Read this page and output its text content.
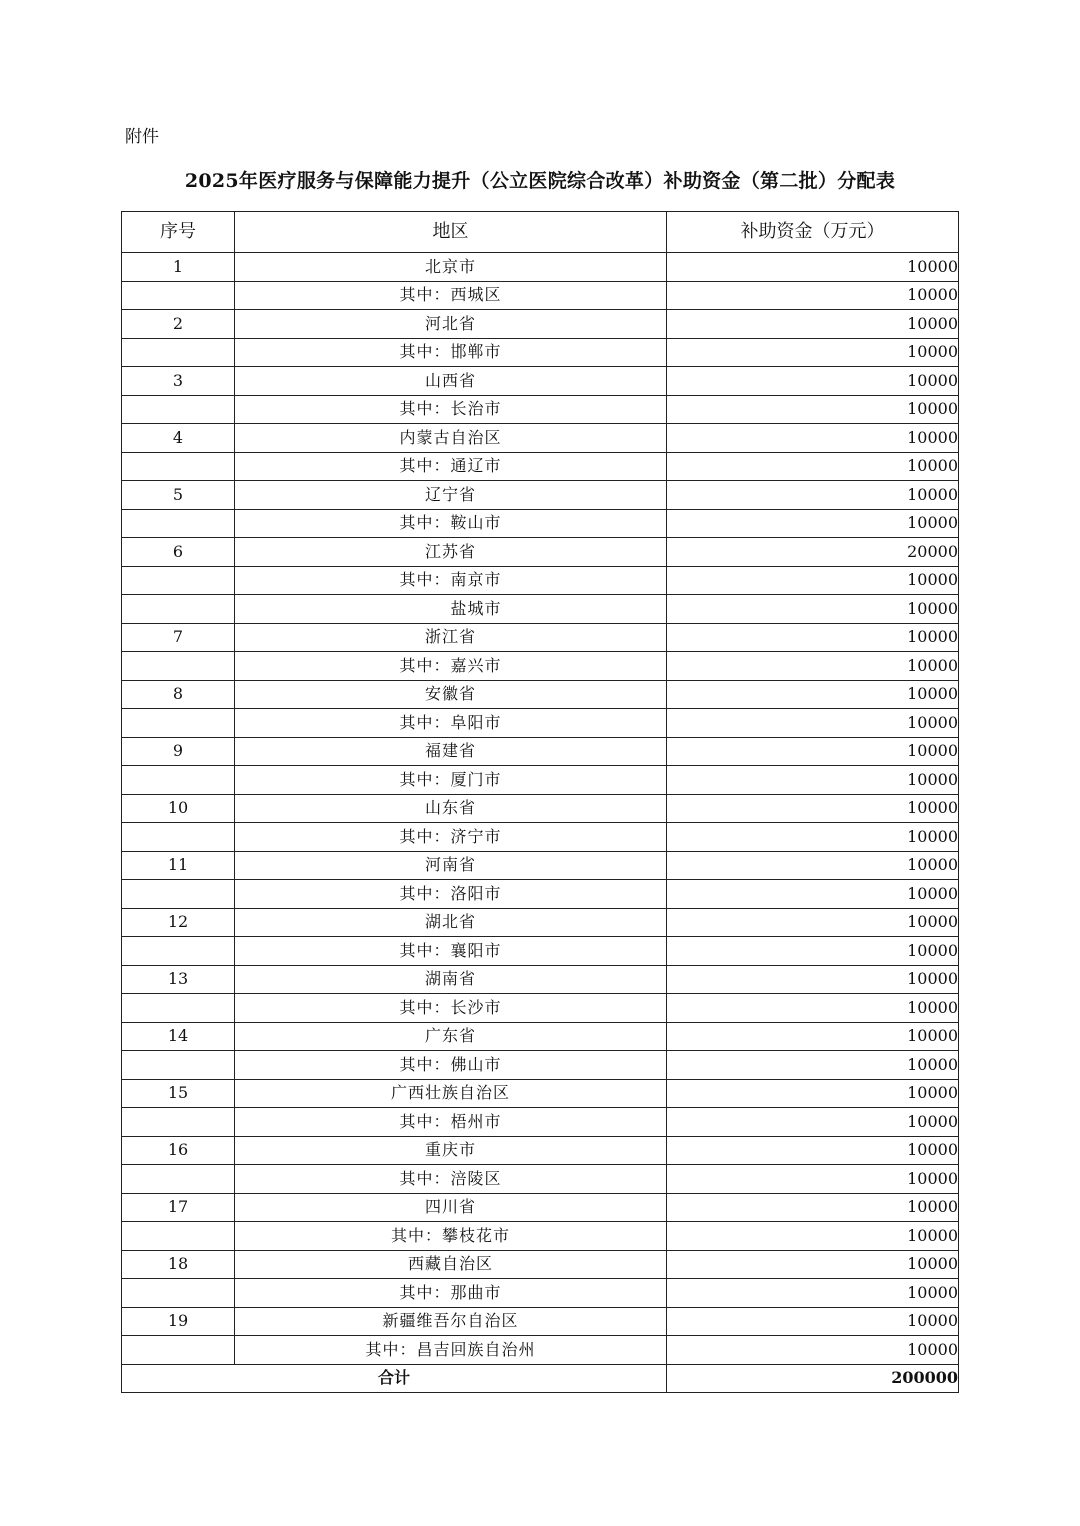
附件
2025年医疗服务与保障能力提升（公立医院综合改革）补助资金（第二批）分配表
序号	地区	补助资金（万元）
1	北京市	10000
	其中：西城区	10000
2	河北省	10000
	其中：邯郸市	10000
3	山西省	10000
	其中：长治市	10000
4	内蒙古自治区	10000
	其中：通辽市	10000
5	辽宁省	10000
	其中：鞍山市	10000
6	江苏省	20000
	其中：南京市	10000
	　　　盐城市	10000
7	浙江省	10000
	其中：嘉兴市	10000
8	安徽省	10000
	其中：阜阳市	10000
9	福建省	10000
	其中：厦门市	10000
10	山东省	10000
	其中：济宁市	10000
11	河南省	10000
	其中：洛阳市	10000
12	湖北省	10000
	其中：襄阳市	10000
13	湖南省	10000
	其中：长沙市	10000
14	广东省	10000
	其中：佛山市	10000
15	广西壮族自治区	10000
	其中：梧州市	10000
16	重庆市	10000
	其中：涪陵区	10000
17	四川省	10000
	其中：攀枝花市	10000
18	西藏自治区	10000
	其中：那曲市	10000
19	新疆维吾尔自治区	10000
	其中：昌吉回族自治州	10000
合计		200000
